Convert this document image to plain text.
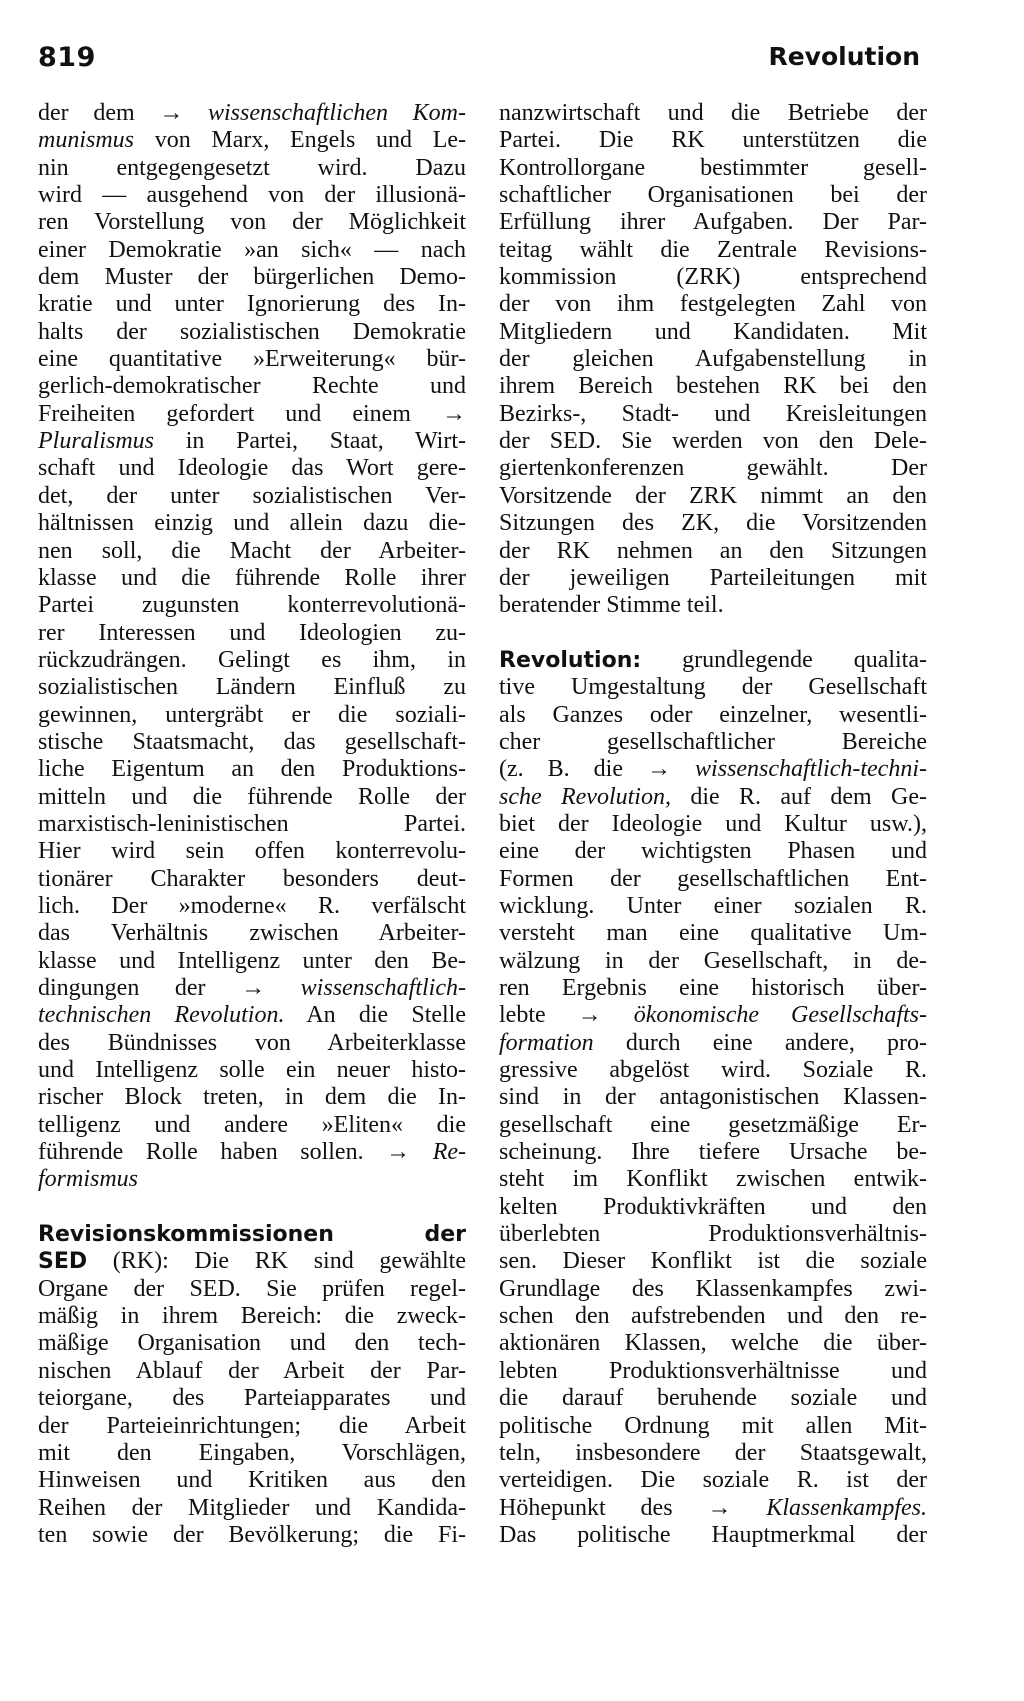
819	Revolution
der dem → wissenschaftlichen Kom-
munismus von Marx, Engels und Le-
nin entgegengesetzt wird. Dazu
wird — ausgehend von der illusionä-
ren Vorstellung von der Möglichkeit
einer Demokratie »an sich« — nach
dem Muster der bürgerlichen Demo-
kratie und unter Ignorierung des In-
halts der sozialistischen Demokratie
eine quantitative »Erweiterung« bür-
gerlich-demokratischer Rechte und
Freiheiten gefordert und einem →
Pluralismus in Partei, Staat, Wirt-
schaft und Ideologie das Wort gere-
det, der unter sozialistischen Ver-
hältnissen einzig und allein dazu die-
nen soll, die Macht der Arbeiter-
klasse und die führende Rolle ihrer
Partei zugunsten konterrevolutionä-
rer Interessen und Ideologien zu-
rückzudrängen. Gelingt es ihm, in
sozialistischen Ländern Einfluß zu
gewinnen, untergräbt er die soziali-
stische Staatsmacht, das gesellschaft-
liche Eigentum an den Produktions-
mitteln und die führende Rolle der
marxistisch-leninistischen Partei.
Hier wird sein offen konterrevolu-
tionärer Charakter besonders deut-
lich. Der »moderne« R. verfälscht
das Verhältnis zwischen Arbeiter-
klasse und Intelligenz unter den Be-
dingungen der → wissenschaftlich-
technischen Revolution. An die Stelle
des Bündnisses von Arbeiterklasse
und Intelligenz solle ein neuer histo-
rischer Block treten, in dem die In-
telligenz und andere »Eliten« die
führende Rolle haben sollen. → Re-
formismus
Revisionskommissionen der
SED (RK): Die RK sind gewählte
Organe der SED. Sie prüfen regel-
mäßig in ihrem Bereich: die zweck-
mäßige Organisation und den tech-
nischen Ablauf der Arbeit der Par-
teiorgane, des Parteiapparates und
der Parteieinrichtungen; die Arbeit
mit den Eingaben, Vorschlägen,
Hinweisen und Kritiken aus den
Reihen der Mitglieder und Kandida-
ten sowie der Bevölkerung; die Fi-
nanzwirtschaft und die Betriebe der
Partei. Die RK unterstützen die
Kontrollorgane bestimmter gesell-
schaftlicher Organisationen bei der
Erfüllung ihrer Aufgaben. Der Par-
teitag wählt die Zentrale Revisions-
kommission (ZRK) entsprechend
der von ihm festgelegten Zahl von
Mitgliedern und Kandidaten. Mit
der gleichen Aufgabenstellung in
ihrem Bereich bestehen RK bei den
Bezirks-, Stadt- und Kreisleitungen
der SED. Sie werden von den Dele-
giertenkonferenzen gewählt. Der
Vorsitzende der ZRK nimmt an den
Sitzungen des ZK, die Vorsitzenden
der RK nehmen an den Sitzungen
der jeweiligen Parteileitungen mit
beratender Stimme teil.
Revolution: grundlegende qualita-
tive Umgestaltung der Gesellschaft
als Ganzes oder einzelner, wesentli-
cher gesellschaftlicher Bereiche
(z. B. die → wissenschaftlich-techni-
sche Revolution, die R. auf dem Ge-
biet der Ideologie und Kultur usw.),
eine der wichtigsten Phasen und
Formen der gesellschaftlichen Ent-
wicklung. Unter einer sozialen R.
versteht man eine qualitative Um-
wälzung in der Gesellschaft, in de-
ren Ergebnis eine historisch über-
lebte → ökonomische Gesellschafts-
formation durch eine andere, pro-
gressive abgelöst wird. Soziale R.
sind in der antagonistischen Klassen-
gesellschaft eine gesetzmäßige Er-
scheinung. Ihre tiefere Ursache be-
steht im Konflikt zwischen entwik-
kelten Produktivkräften und den
überlebten Produktionsverhältnis-
sen. Dieser Konflikt ist die soziale
Grundlage des Klassenkampfes zwi-
schen den aufstrebenden und den re-
aktionären Klassen, welche die über-
lebten Produktionsverhältnisse und
die darauf beruhende soziale und
politische Ordnung mit allen Mit-
teln, insbesondere der Staatsgewalt,
verteidigen. Die soziale R. ist der
Höhepunkt des → Klassenkampfes.
Das politische Hauptmerkmal der
